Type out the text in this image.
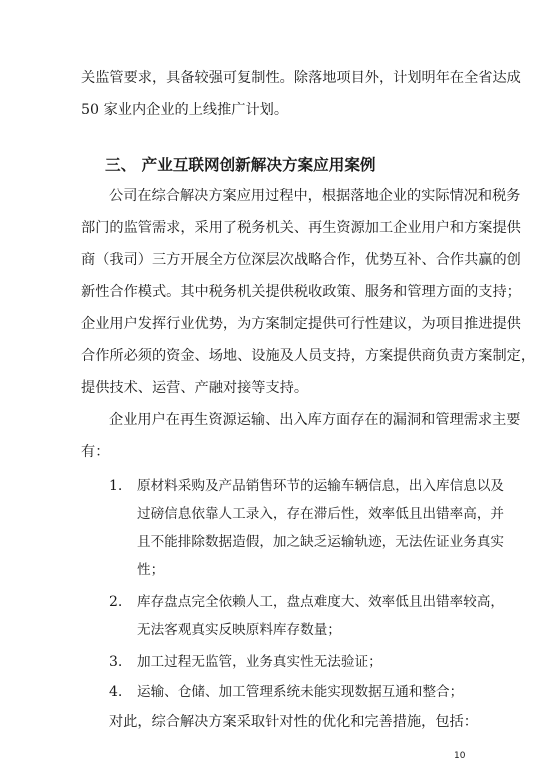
关监管要求，具备较强可复制性。除落地项目外，计划明年在全省达成
50 家业内企业的上线推广计划。
三、 产业互联网创新解决方案应用案例
公司在综合解决方案应用过程中，根据落地企业的实际情况和税务
部门的监管需求，采用了税务机关、再生资源加工企业用户和方案提供
商（我司）三方开展全方位深层次战略合作，优势互补、合作共赢的创
新性合作模式。其中税务机关提供税收政策、服务和管理方面的支持；
企业用户发挥行业优势，为方案制定提供可行性建议，为项目推进提供
合作所必须的资金、场地、设施及人员支持，方案提供商负责方案制定，
提供技术、运营、产融对接等支持。
企业用户在再生资源运输、出入库方面存在的漏洞和管理需求主要
有：
1. 原材料采购及产品销售环节的运输车辆信息，出入库信息以及
过磅信息依靠人工录入，存在滞后性，效率低且出错率高，并
且不能排除数据造假，加之缺乏运输轨迹，无法佐证业务真实
性；
2. 库存盘点完全依赖人工，盘点难度大、效率低且出错率较高，
无法客观真实反映原料库存数量；
3. 加工过程无监管，业务真实性无法验证；
4. 运输、仓储、加工管理系统未能实现数据互通和整合；
对此，综合解决方案采取针对性的优化和完善措施，包括：
10
